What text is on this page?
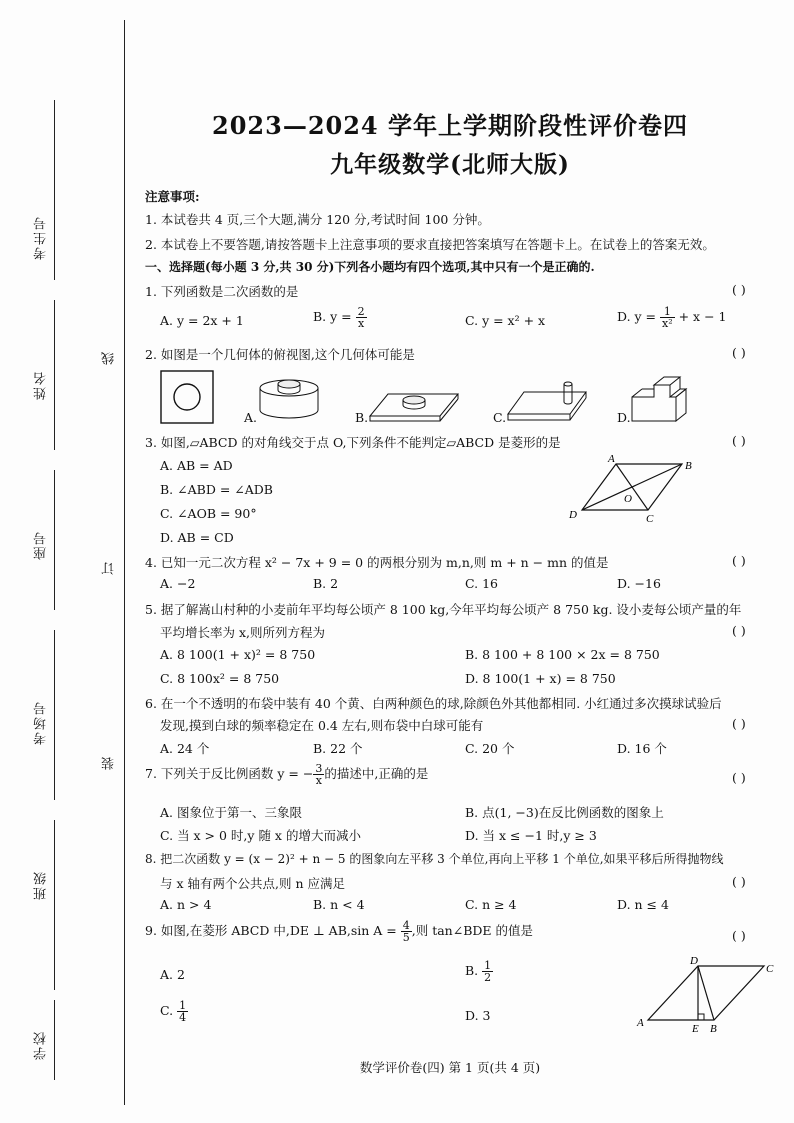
考生号
姓名
线
座号
订
考场号
装
班级
学校
2023—2024 学年上学期阶段性评价卷四
九年级数学(北师大版)
注意事项:
1. 本试卷共 4 页,三个大题,满分 120 分,考试时间 100 分钟。
2. 本试卷上不要答题,请按答题卡上注意事项的要求直接把答案填写在答题卡上。在试卷上的答案无效。
一、选择题(每小题 3 分,共 30 分)下列各小题均有四个选项,其中只有一个是正确的.
1. 下列函数是二次函数的是	( )
A. y = 2x + 1	B. $y = \frac{2}{x}$	C. y = x² + x	D. $y = \frac{1}{\text{x²}} + x - 1$
2. 如图是一个几何体的俯视图,这个几何体可能是	( )
A.	B.	C.	D.
3. 如图,▱ABCD 的对角线交于点 O,下列条件不能判定▱ABCD 是菱形的是	( )
A. AB = AD
B. ∠ABD = ∠ADB
C. ∠AOB = 90°
D. AB = CD
A
B
C
D
O
4. 已知一元二次方程 x² − 7x + 9 = 0 的两根分别为 m,n,则 m + n − mn 的值是	( )
A. −2	B. 2	C. 16	D. −16
5. 据了解嵩山村种的小麦前年平均每公顷产 8 100 kg,今年平均每公顷产 8 750 kg. 设小麦每公顷产量的年
平均增长率为 x,则所列方程为	( )
A. 8 100(1 + x)² = 8 750	B. 8 100 + 8 100 × 2x = 8 750
C. 8 100x² = 8 750	D. 8 100(1 + x) = 8 750
6. 在一个不透明的布袋中装有 40 个黄、白两种颜色的球,除颜色外其他都相同. 小红通过多次摸球试验后
发现,摸到白球的频率稳定在 0.4 左右,则布袋中白球可能有	( )
A. 24 个	B. 22 个	C. 20 个	D. 16 个
7. 下列关于反比例函数 y = − $\frac{3}{x}$ 的描述中,正确的是	( )
A. 图象位于第一、三象限	B. 点(1, −3)在反比例函数的图象上
C. 当 x > 0 时,y 随 x 的增大而减小	D. 当 x ≤ −1 时,y ≥ 3
8. 把二次函数 y = (x − 2)² + n − 5 的图象向左平移 3 个单位,再向上平移 1 个单位,如果平移后所得抛物线
与 x 轴有两个公共点,则 n 应满足	( )
A. n > 4	B. n < 4	C. n ≥ 4	D. n ≤ 4
9. 如图,在菱形 ABCD 中,DE ⊥ AB,sin $A = \frac{4}{5}$ ,则 tan∠BDE 的值是	( )
A. 2	B. $\frac{1}{2}$
C. $\frac{1}{4}$	D. 3	A	B
C
D
E
数学评价卷(四) 第 1 页(共 4 页)
